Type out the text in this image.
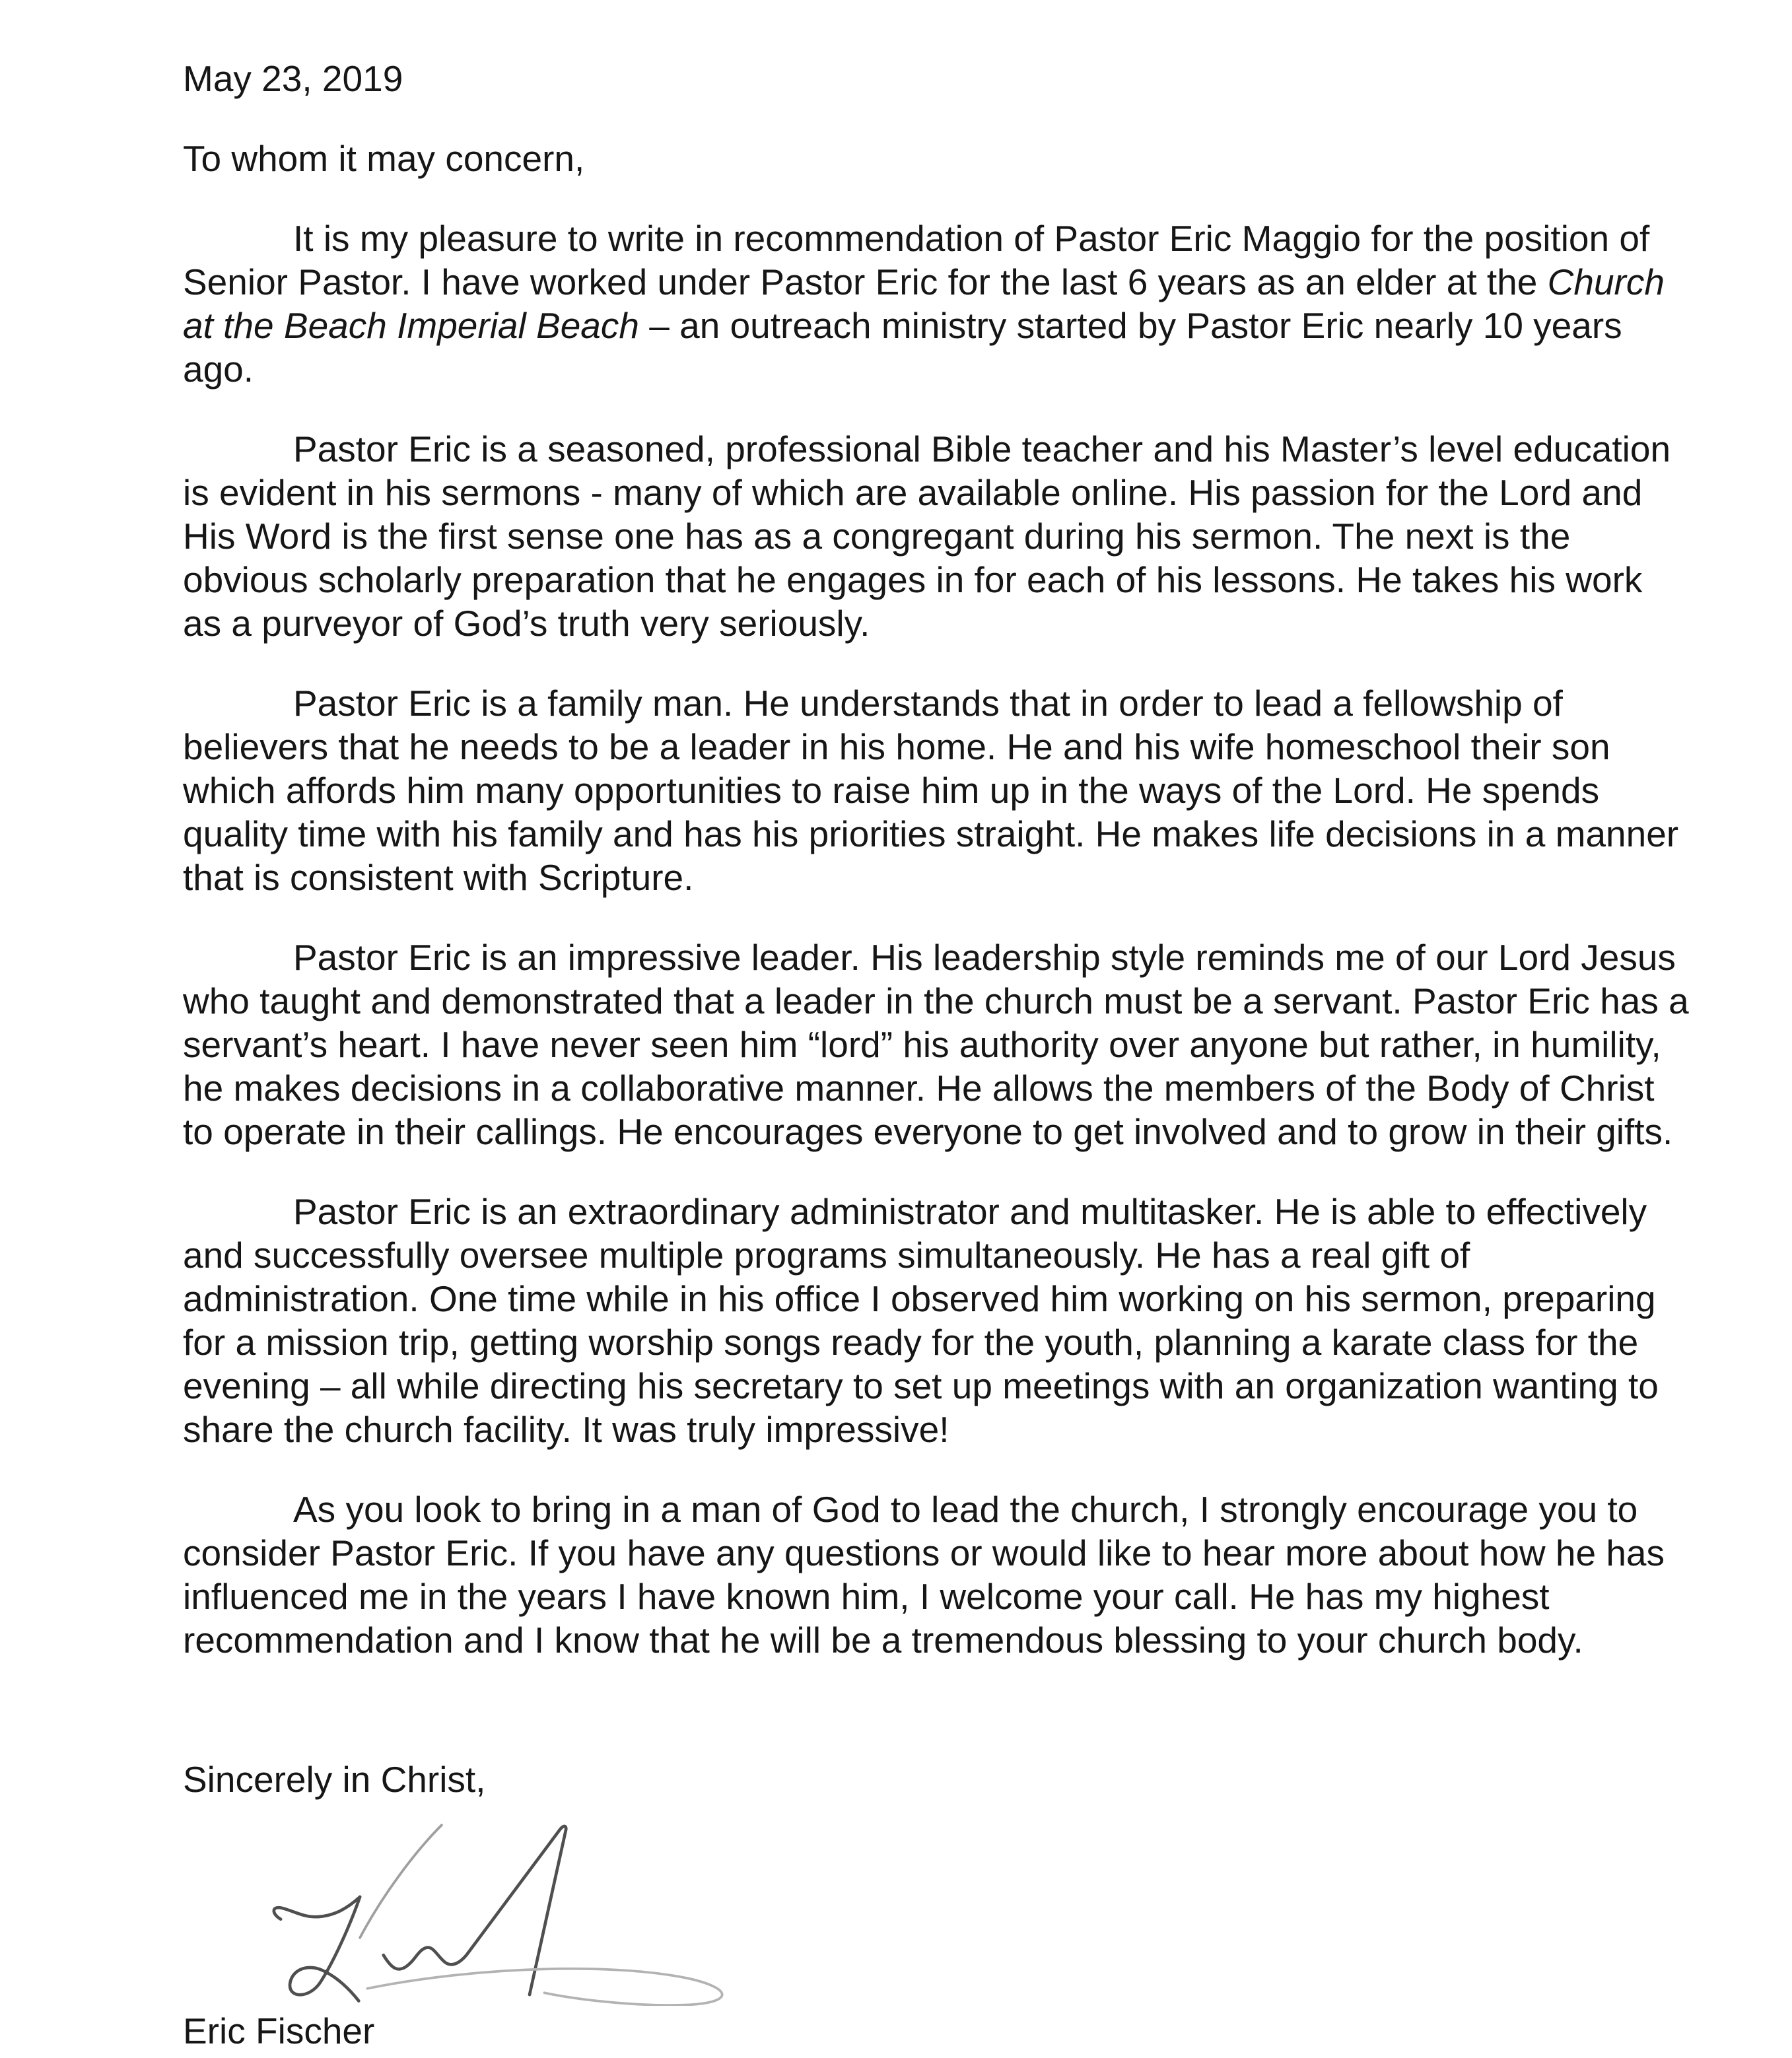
May 23, 2019

To whom it may concern,

It is my pleasure to write in recommendation of Pastor Eric Maggio for the position of Senior Pastor. I have worked under Pastor Eric for the last 6 years as an elder at the Church at the Beach Imperial Beach – an outreach ministry started by Pastor Eric nearly 10 years ago.

Pastor Eric is a seasoned, professional Bible teacher and his Master’s level education is evident in his sermons - many of which are available online. His passion for the Lord and His Word is the first sense one has as a congregant during his sermon. The next is the obvious scholarly preparation that he engages in for each of his lessons. He takes his work as a purveyor of God’s truth very seriously.

Pastor Eric is a family man. He understands that in order to lead a fellowship of believers that he needs to be a leader in his home. He and his wife homeschool their son which affords him many opportunities to raise him up in the ways of the Lord. He spends quality time with his family and has his priorities straight. He makes life decisions in a manner that is consistent with Scripture.

Pastor Eric is an impressive leader. His leadership style reminds me of our Lord Jesus who taught and demonstrated that a leader in the church must be a servant. Pastor Eric has a servant’s heart. I have never seen him “lord” his authority over anyone but rather, in humility, he makes decisions in a collaborative manner. He allows the members of the Body of Christ to operate in their callings. He encourages everyone to get involved and to grow in their gifts.

Pastor Eric is an extraordinary administrator and multitasker. He is able to effectively and successfully oversee multiple programs simultaneously. He has a real gift of administration. One time while in his office I observed him working on his sermon, preparing for a mission trip, getting worship songs ready for the youth, planning a karate class for the evening – all while directing his secretary to set up meetings with an organization wanting to share the church facility. It was truly impressive!

As you look to bring in a man of God to lead the church, I strongly encourage you to consider Pastor Eric. If you have any questions or would like to hear more about how he has influenced me in the years I have known him, I welcome your call. He has my highest recommendation and I know that he will be a tremendous blessing to your church body.

Sincerely in Christ,

Eric Fischer
